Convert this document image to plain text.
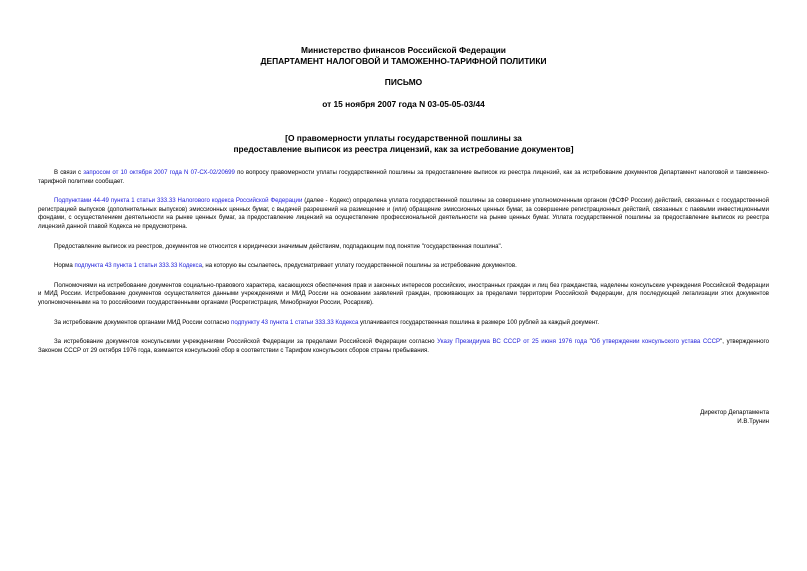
Министерство финансов Российской Федерации
ДЕПАРТАМЕНТ НАЛОГОВОЙ И ТАМОЖЕННО-ТАРИФНОЙ ПОЛИТИКИ
ПИСЬМО
от 15 ноября 2007 года N 03-05-05-03/44
[О правомерности уплаты государственной пошлины за
предоставление выписок из реестра лицензий, как за истребование документов]

В связи с запросом от 10 октября 2007 года N 07-СХ-02/20699 по вопросу правомерности уплаты государственной пошлины за предоставление выписок из реестра лицензий, как за истребование документов Департамент налоговой и таможенно-тарифной политики сообщает.

Подпунктами 44-49 пункта 1 статьи 333.33 Налогового кодекса Российской Федерации (далее - Кодекс) определена уплата государственной пошлины за совершение уполномоченным органом (ФСФР России) действий, связанных с государственной регистрацией выпусков (дополнительных выпусков) эмиссионных ценных бумаг, с выдачей разрешений на размещение и (или) обращение эмиссионных ценных бумаг, за совершение регистрационных действий, связанных с паевыми инвестиционными фондами, с осуществлением деятельности на рынке ценных бумаг, за предоставление лицензий на осуществление профессиональной деятельности на рынке ценных бумаг. Уплата государственной пошлины за предоставление выписок из реестра лицензий данной главой Кодекса не предусмотрена.

Предоставление выписок из реестров, документов не относится к юридически значимым действиям, подпадающим под понятие "государственная пошлина".

Норма подпункта 43 пункта 1 статьи 333.33 Кодекса, на которую вы ссылаетесь, предусматривает уплату государственной пошлины за истребование документов.

Полномочиями на истребование документов социально-правового характера, касающихся обеспечения прав и законных интересов российских, иностранных граждан и лиц без гражданства, наделены консульские учреждения Российской Федерации и МИД России. Истребование документов осуществляется данными учреждениями и МИД России на основании заявлений граждан, проживающих за пределами территории Российской Федерации, для последующей легализации этих документов уполномоченными на то российскими государственными органами (Росрегистрация, Минобрнауки России, Росархив).

За истребование документов органами МИД России согласно подпункту 43 пункта 1 статьи 333.33 Кодекса уплачивается государственная пошлина в размере 100 рублей за каждый документ.

За истребование документов консульскими учреждениями Российской Федерации за пределами Российской Федерации согласно Указу Президиума ВС СССР от 25 июня 1976 года "Об утверждении консульского устава СССР", утвержденного Законом СССР от 29 октября 1976 года, взимается консульский сбор в соответствии с Тарифом консульских сборов страны пребывания.

Директор Департамента
И.В.Трунин
